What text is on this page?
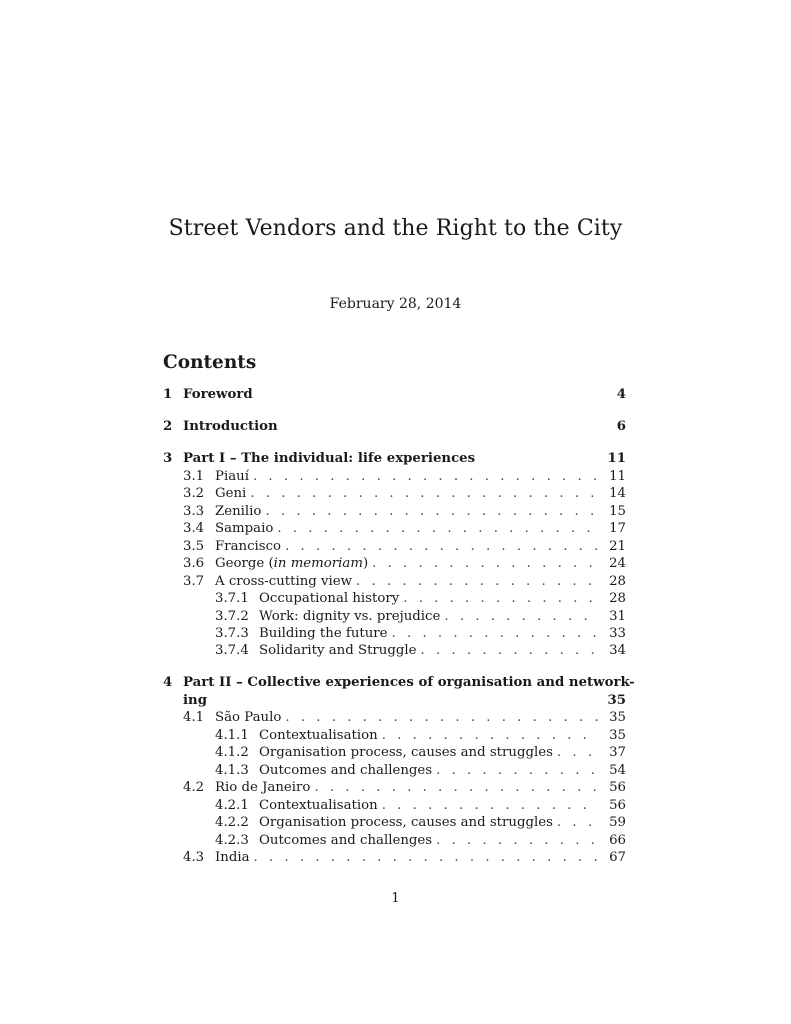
Street Vendors and the Right to the City
February 28, 2014
Contents
1 Foreword	4
2 Introduction	6
3 Part I – The individual: life experiences	11
3.1 Piauí . . .	11
3.2 Geni . . .	14
3.3 Zenilio . . .	15
3.4 Sampaio . . .	17
3.5 Francisco . . .	21
3.6 George (in memoriam) . . .	24
3.7 A cross-cutting view . . .	28
3.7.1 Occupational history . . .	28
3.7.2 Work: dignity vs. prejudice . . .	31
3.7.3 Building the future . . .	33
3.7.4 Solidarity and Struggle . . .	34
4 Part II – Collective experiences of organisation and network-
ing	35
4.1 São Paulo . . .	35
4.1.1 Contextualisation . . .	35
4.1.2 Organisation process, causes and struggles . . .	37
4.1.3 Outcomes and challenges . . .	54
4.2 Rio de Janeiro . . .	56
4.2.1 Contextualisation . . .	56
4.2.2 Organisation process, causes and struggles . . .	59
4.2.3 Outcomes and challenges . . .	66
4.3 India . . .	67
1
